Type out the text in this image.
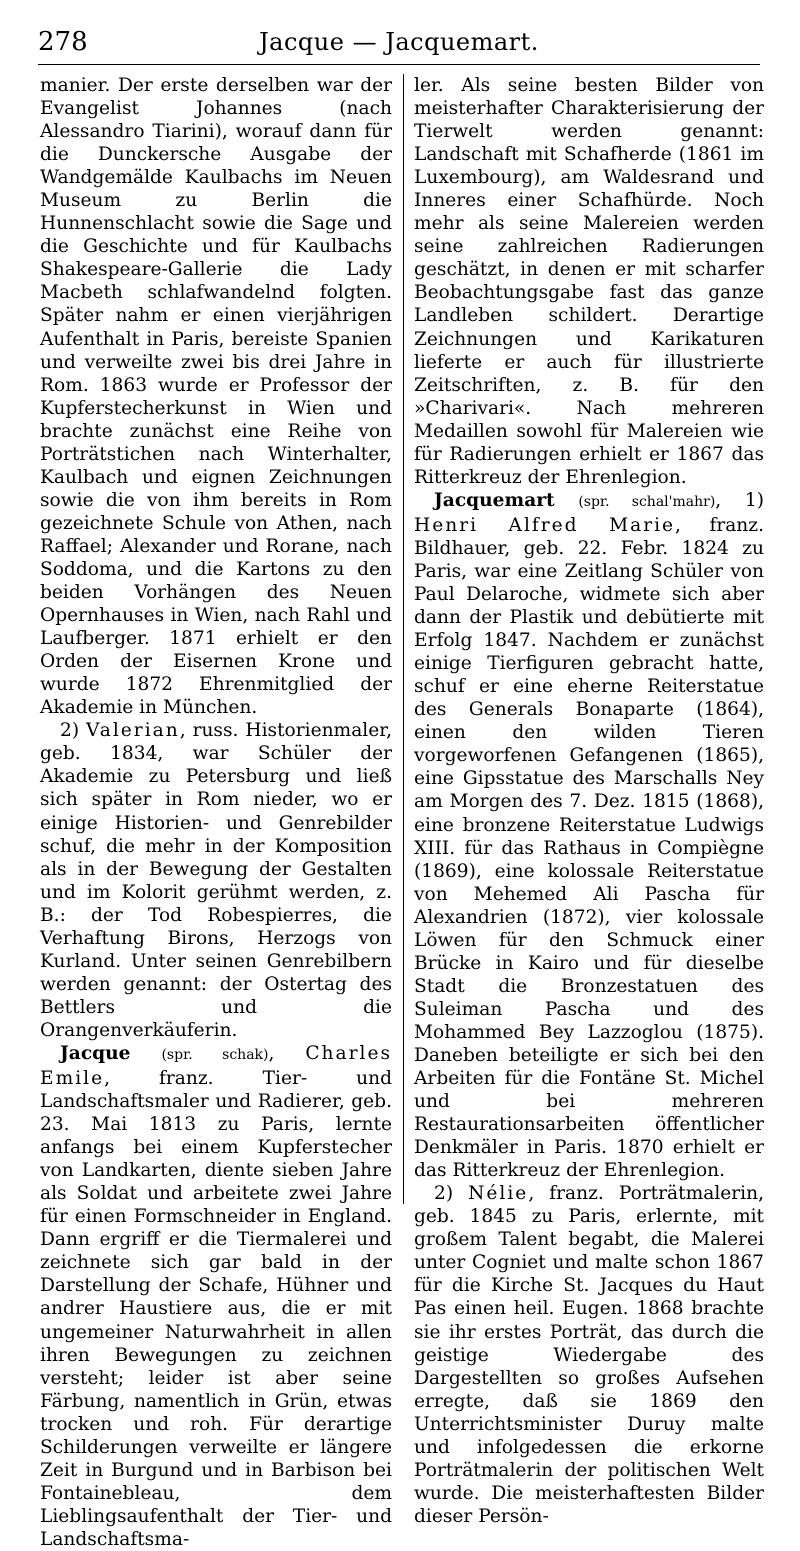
278	Jacque — Jacquemart.

manier. Der erste derselben war der Evangelist Johannes (nach Alessandro Tiarini), worauf dann für die Dunckersche Ausgabe der Wandgemälde Kaulbachs im Neuen Museum zu Berlin die Hunnenschlacht sowie die Sage und die Geschichte und für Kaulbachs Shakespeare-Gallerie die Lady Macbeth schlafwandelnd folgten. Später nahm er einen vierjährigen Aufenthalt in Paris, bereiste Spanien und verweilte zwei bis drei Jahre in Rom. 1863 wurde er Professor der Kupferstecherkunst in Wien und brachte zunächst eine Reihe von Porträtstichen nach Winterhalter, Kaulbach und eignen Zeichnungen sowie die von ihm bereits in Rom gezeichnete Schule von Athen, nach Raffael; Alexander und Rorane, nach Soddoma, und die Kartons zu den beiden Vorhängen des Neuen Opernhauses in Wien, nach Rahl und Laufberger. 1871 erhielt er den Orden der Eisernen Krone und wurde 1872 Ehrenmitglied der Akademie in München.

2) Valerian, russ. Historienmaler, geb. 1834, war Schüler der Akademie zu Petersburg und ließ sich später in Rom nieder, wo er einige Historien- und Genrebilder schuf, die mehr in der Komposition als in der Bewegung der Gestalten und im Kolorit gerühmt werden, z. B.: der Tod Robespierres, die Verhaftung Birons, Herzogs von Kurland. Unter seinen Genrebilbern werden genannt: der Ostertag des Bettlers und die Orangenverkäuferin.

Jacque (spr. schak), Charles Emile, franz. Tier- und Landschaftsmaler und Radierer, geb. 23. Mai 1813 zu Paris, lernte anfangs bei einem Kupferstecher von Landkarten, diente sieben Jahre als Soldat und arbeitete zwei Jahre für einen Formschneider in England. Dann ergriff er die Tiermalerei und zeichnete sich gar bald in der Darstellung der Schafe, Hühner und andrer Haustiere aus, die er mit ungemeiner Naturwahrheit in allen ihren Bewegungen zu zeichnen versteht; leider ist aber seine Färbung, namentlich in Grün, etwas trocken und roh. Für derartige Schilderungen verweilte er längere Zeit in Burgund und in Barbison bei Fontainebleau, dem Lieblingsaufenthalt der Tier- und Landschaftsma-

ler. Als seine besten Bilder von meisterhafter Charakterisierung der Tierwelt werden genannt: Landschaft mit Schafherde (1861 im Luxembourg), am Waldesrand und Inneres einer Schafhürde. Noch mehr als seine Malereien werden seine zahlreichen Radierungen geschätzt, in denen er mit scharfer Beobachtungsgabe fast das ganze Landleben schildert. Derartige Zeichnungen und Karikaturen lieferte er auch für illustrierte Zeitschriften, z. B. für den »Charivari«. Nach mehreren Medaillen sowohl für Malereien wie für Radierungen erhielt er 1867 das Ritterkreuz der Ehrenlegion.

Jacquemart (spr. schal'mahr), 1) Henri Alfred Marie, franz. Bildhauer, geb. 22. Febr. 1824 zu Paris, war eine Zeitlang Schüler von Paul Delaroche, widmete sich aber dann der Plastik und debütierte mit Erfolg 1847. Nachdem er zunächst einige Tierfiguren gebracht hatte, schuf er eine eherne Reiterstatue des Generals Bonaparte (1864), einen den wilden Tieren vorgeworfenen Gefangenen (1865), eine Gipsstatue des Marschalls Ney am Morgen des 7. Dez. 1815 (1868), eine bronzene Reiterstatue Ludwigs XIII. für das Rathaus in Compiègne (1869), eine kolossale Reiterstatue von Mehemed Ali Pascha für Alexandrien (1872), vier kolossale Löwen für den Schmuck einer Brücke in Kairo und für dieselbe Stadt die Bronzestatuen des Suleiman Pascha und des Mohammed Bey Lazzoglou (1875). Daneben beteiligte er sich bei den Arbeiten für die Fontäne St. Michel und bei mehreren Restaurationsarbeiten öffentlicher Denkmäler in Paris. 1870 erhielt er das Ritterkreuz der Ehrenlegion.

2) Nélie, franz. Porträtmalerin, geb. 1845 zu Paris, erlernte, mit großem Talent begabt, die Malerei unter Cogniet und malte schon 1867 für die Kirche St. Jacques du Haut Pas einen heil. Eugen. 1868 brachte sie ihr erstes Porträt, das durch die geistige Wiedergabe des Dargestellten so großes Aufsehen erregte, daß sie 1869 den Unterrichtsminister Duruy malte und infolgedessen die erkorne Porträtmalerin der politischen Welt wurde. Die meisterhaftesten Bilder dieser Persön-
